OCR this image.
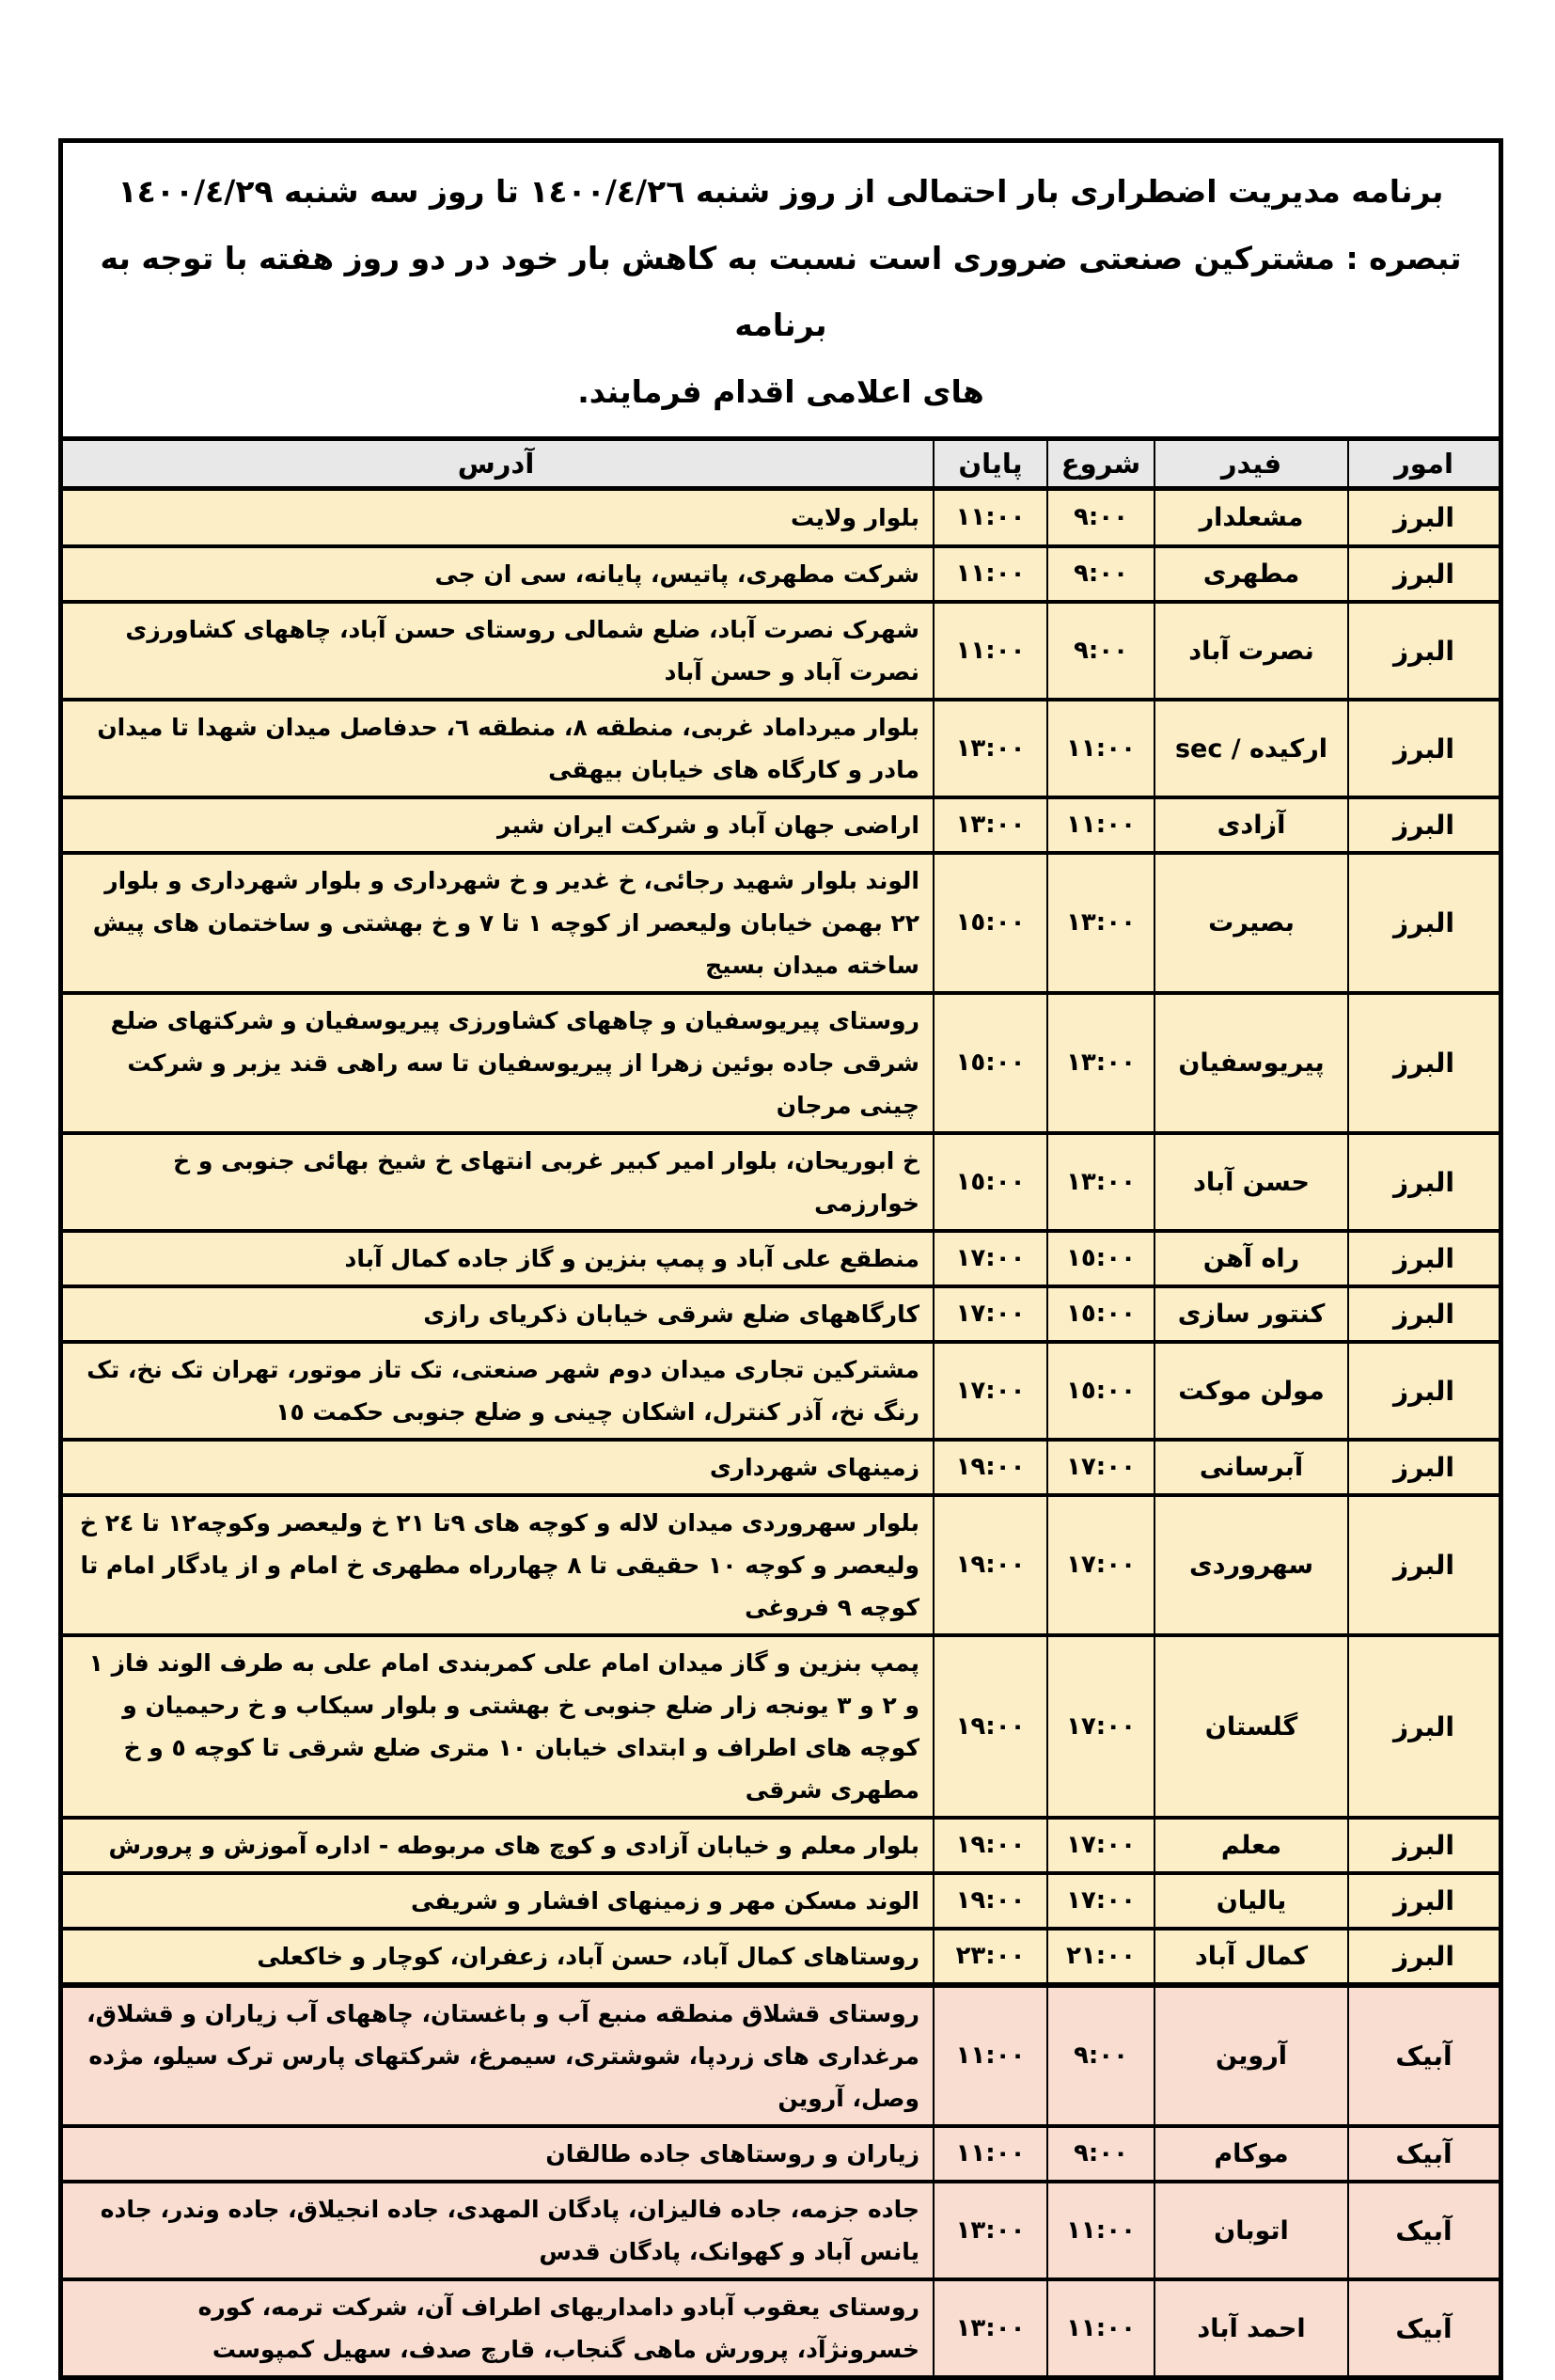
برنامه مدیریت اضطراری بار احتمالی از روز شنبه ١٤٠٠/٤/٢٦ تا روز سه شنبه ١٤٠٠/٤/٢٩
تبصره : مشترکین صنعتی ضروری است نسبت به کاهش بار خود در دو روز هفته با توجه به برنامه
های اعلامی اقدام فرمایند.
امور
فیدر
شروع
پایان
آدرس
البرز
مشعلدار
٩:٠٠
١١:٠٠
بلوار ولایت
البرز
مطهری
٩:٠٠
١١:٠٠
شرکت مطهری، پاتیس، پایانه، سی ان جی
البرز
نصرت آباد
٩:٠٠
١١:٠٠
شهرک نصرت آباد، ضلع شمالی روستای حسن آباد، چاههای کشاورزی نصرت آباد و حسن آباد
البرز
ارکیده / sec
١١:٠٠
١٣:٠٠
بلوار میرداماد غربی، منطقه ٨، منطقه ٦، حدفاصل میدان شهدا تا میدان مادر و کارگاه های خیابان بیهقی
البرز
آزادی
١١:٠٠
١٣:٠٠
اراضی جهان آباد و شرکت ایران شیر
البرز
بصیرت
١٣:٠٠
١٥:٠٠
الوند بلوار شهید رجائی، خ غدیر و خ شهرداری و بلوار شهرداری و بلوار ٢٢ بهمن خیابان ولیعصر از کوچه ١ تا ٧ و خ بهشتی و ساختمان های پیش ساخته میدان بسیج
البرز
پیریوسفیان
١٣:٠٠
١٥:٠٠
روستای پیریوسفیان و چاههای کشاورزی پیریوسفیان و شرکتهای ضلع شرقی جاده بوئین زهرا از پیریوسفیان تا سه راهی قند یزبر و شرکت چینی مرجان
البرز
حسن آباد
١٣:٠٠
١٥:٠٠
خ ابوریحان، بلوار امیر کبیر غربی انتهای خ شیخ بهائی جنوبی و خ خوارزمی
البرز
راه آهن
١٥:٠٠
١٧:٠٠
منطقع علی آباد و پمپ بنزین و گاز جاده کمال آباد
البرز
کنتور سازی
١٥:٠٠
١٧:٠٠
کارگاههای ضلع شرقی خیابان ذکریای رازی
البرز
مولن موکت
١٥:٠٠
١٧:٠٠
مشترکین تجاری میدان دوم شهر صنعتی، تک تاز موتور، تهران تک نخ، تک رنگ نخ، آذر کنترل، اشکان چینی و ضلع جنوبی حکمت ١٥
البرز
آبرسانی
١٧:٠٠
١٩:٠٠
زمینهای شهرداری
البرز
سهروردی
١٧:٠٠
١٩:٠٠
بلوار سهروردی میدان لاله و کوچه های ٩تا ٢١ خ ولیعصر وکوچه١٢ تا ٢٤ خ ولیعصر و کوچه ١٠ حقیقی تا ٨ چهارراه مطهری خ امام و از یادگار امام تا کوچه ٩ فروغی
البرز
گلستان
١٧:٠٠
١٩:٠٠
پمپ بنزین و گاز میدان امام علی کمربندی امام علی به طرف الوند فاز ١ و ٢ و ٣ یونجه زار ضلع جنوبی خ بهشتی و بلوار سیکاب و خ رحیمیان و کوچه های اطراف و ابتدای خیابان ١٠ متری ضلع شرقی تا کوچه ٥ و خ مطهری شرقی
البرز
معلم
١٧:٠٠
١٩:٠٠
بلوار معلم و خیابان آزادی و کوچ های مربوطه - اداره آموزش و پرورش
البرز
یالیان
١٧:٠٠
١٩:٠٠
الوند مسکن مهر و زمینهای افشار و شریفی
البرز
کمال آباد
٢١:٠٠
٢٣:٠٠
روستاهای کمال آباد، حسن آباد، زعفران، کوچار و خاکعلی
آبیک
آروین
٩:٠٠
١١:٠٠
روستای قشلاق منطقه منبع آب و باغستان، چاههای آب زیاران و قشلاق، مرغداری های زردپا، شوشتری، سیمرغ، شرکتهای پارس ترک سیلو، مژده وصل، آروین
آبیک
موکام
٩:٠٠
١١:٠٠
زیاران و روستاهای جاده طالقان
آبیک
اتوبان
١١:٠٠
١٣:٠٠
جاده جزمه، جاده فالیزان، پادگان المهدی، جاده انجیلاق، جاده وندر، جاده یانس آباد و کهوانک، پادگان قدس
آبیک
احمد آباد
١١:٠٠
١٣:٠٠
روستای یعقوب آبادو دامداریهای اطراف آن، شرکت ترمه، کوره خسرونژآد، پرورش ماهی گنجاب، قارچ صدف، سهیل کمپوست
